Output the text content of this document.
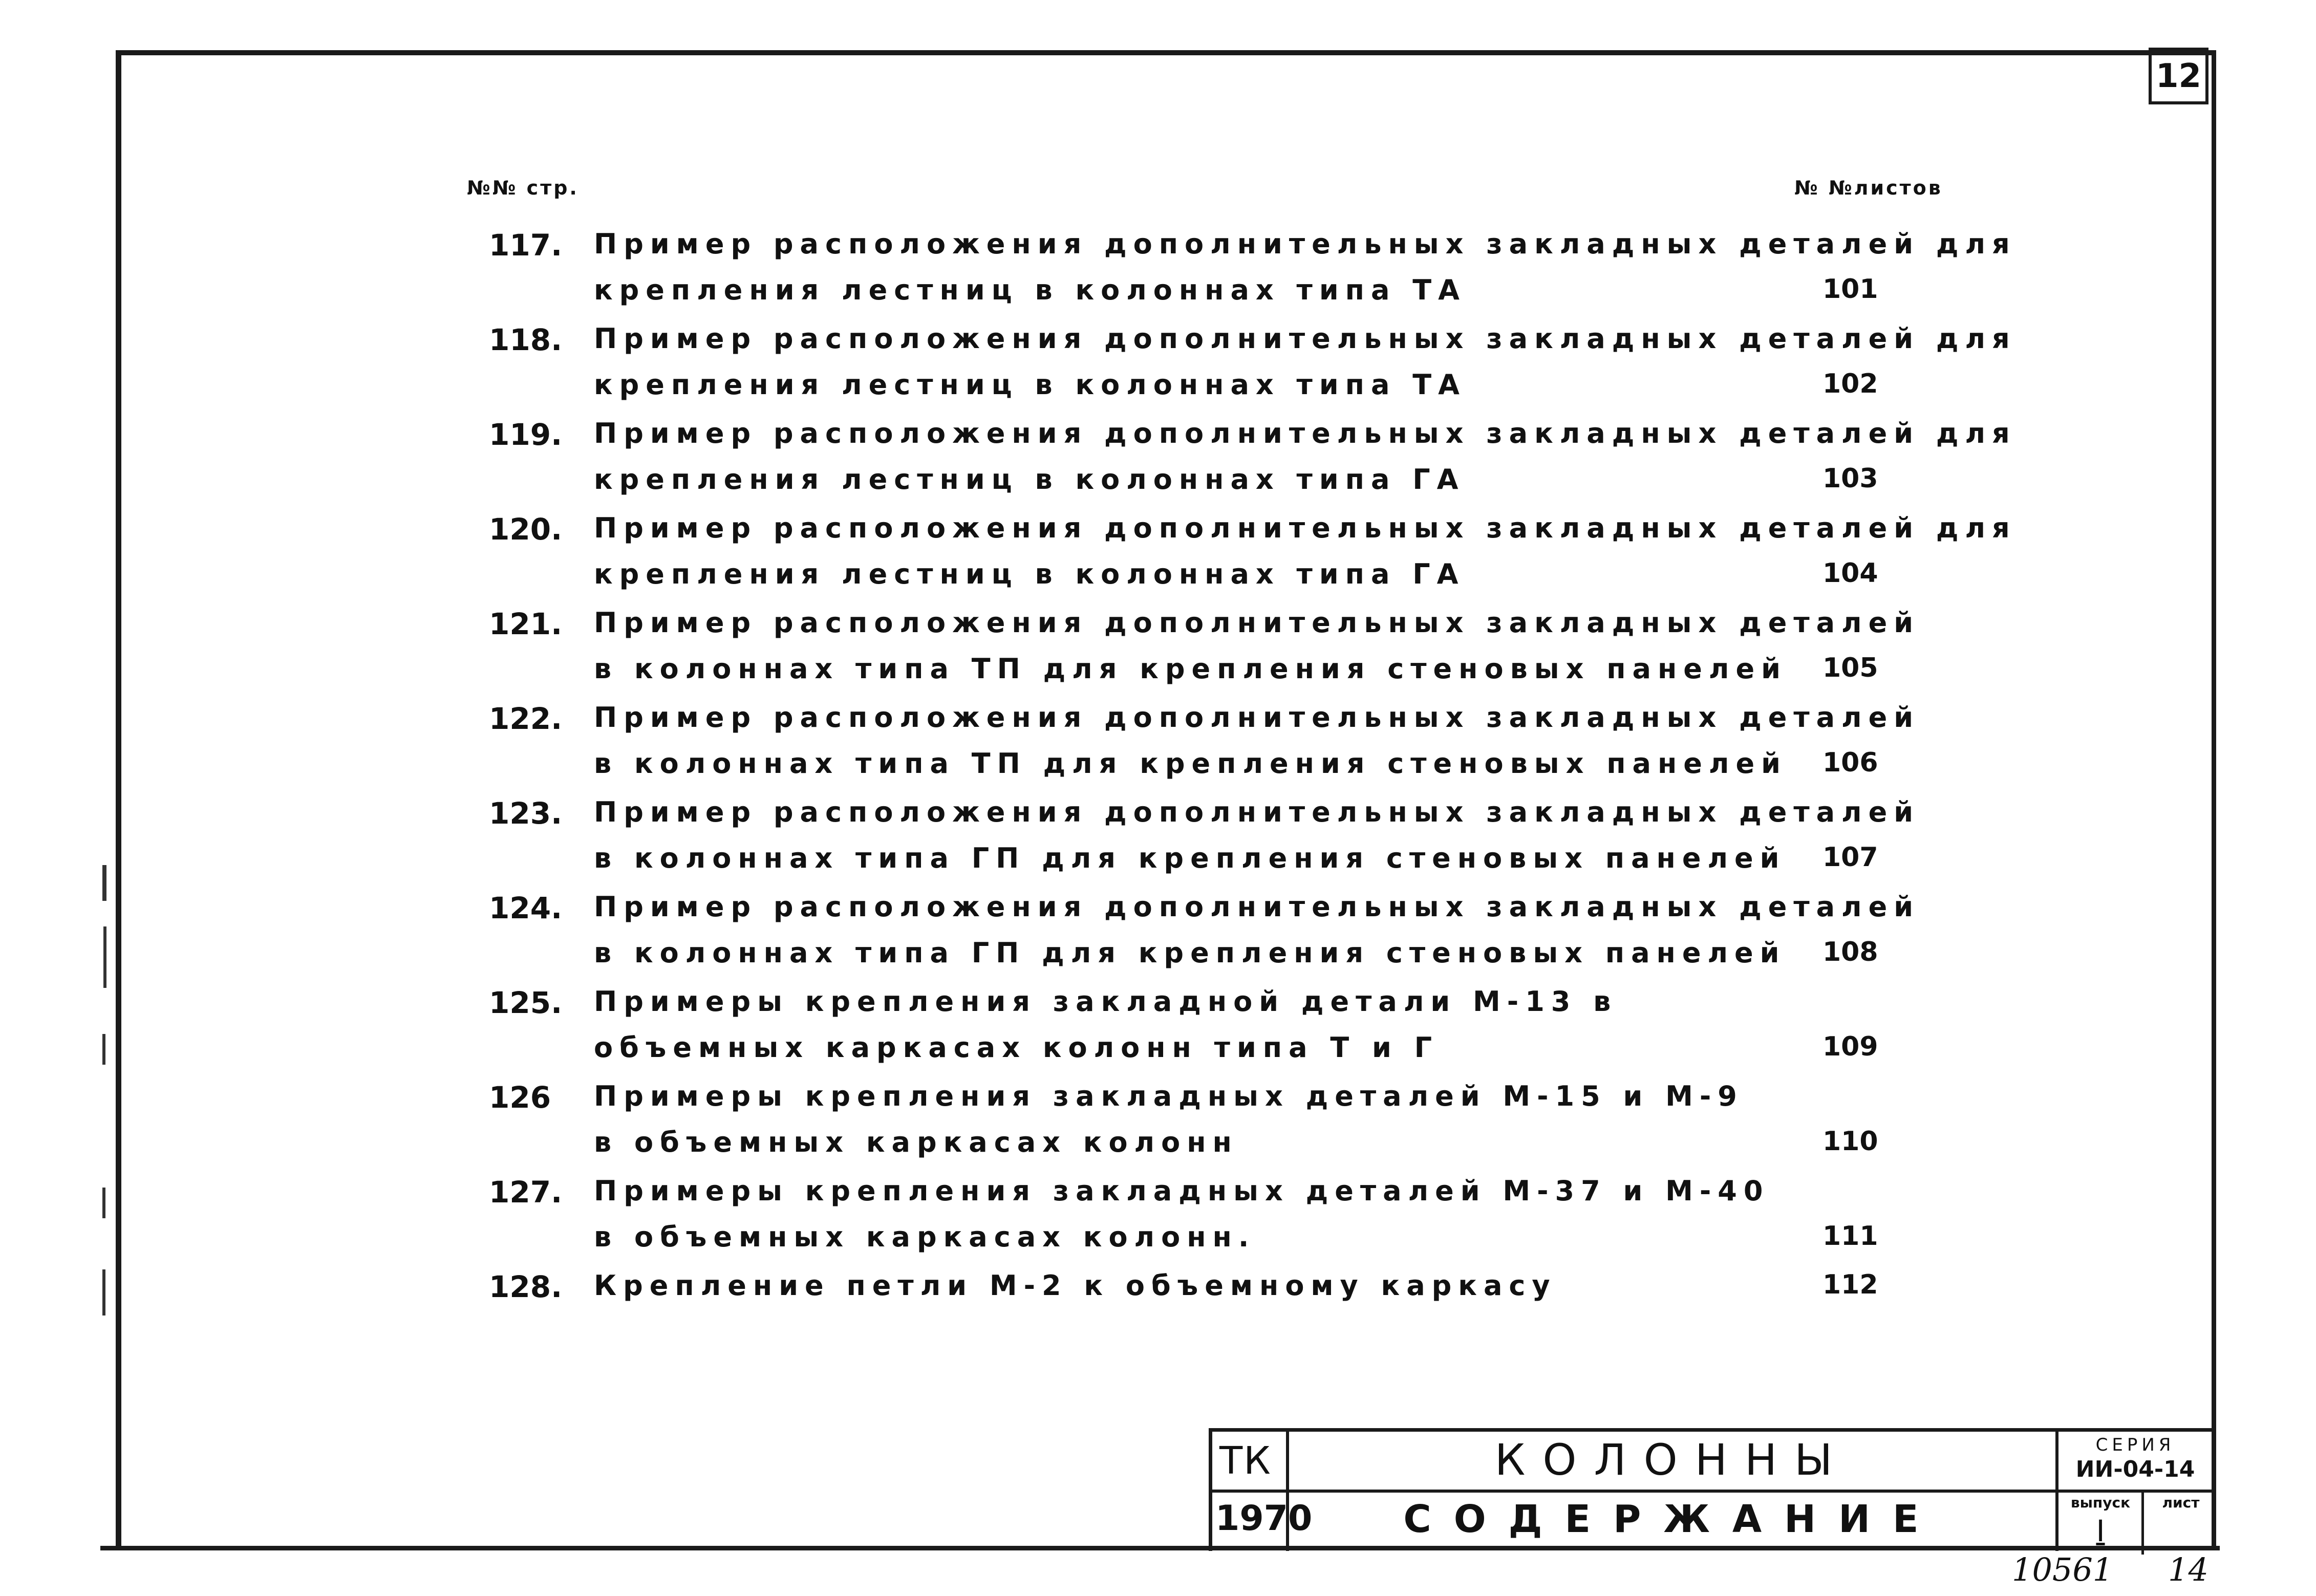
12
№№ стр.	№ №листов
117. Пример расположения дополнительных закладных деталей для
крепления лестниц в колоннах типа ТА	101
118. Пример расположения дополнительных закладных деталей для
крепления лестниц в колоннах типа ТА	102
119. Пример расположения дополнительных закладных деталей для
крепления лестниц в колоннах типа ГА	103
120. Пример расположения дополнительных закладных деталей для
крепления лестниц в колоннах типа ГА	104
121. Пример расположения дополнительных закладных деталей
в колоннах типа ТП для крепления стеновых панелей 105
122. Пример расположения дополнительных закладных деталей
в колоннах типа ТП для крепления стеновых панелей 106
123. Пример расположения дополнительных закладных деталей
в колоннах типа ГП для крепления стеновых панелей 107
124. Пример расположения дополнительных закладных деталей
в колоннах типа ГП для крепления стеновых панелей 108
125. Примеры крепления закладной детали М-13 в
объемных каркасах колонн типа Т и Г	109
126 Примеры крепления закладных деталей М-15 и М-9
в объемных каркасах колонн	110
127. Примеры крепления закладных деталей М-37 и М-40
в объемных каркасах колонн.	111
128. Крепление петли М-2 к объемному каркасу	112
ТК
1970
КОЛОННЫ
СОДЕРЖАНИЕ
СЕРИЯ
ИИ-04-14
выпуск
I
лист
10561 14
